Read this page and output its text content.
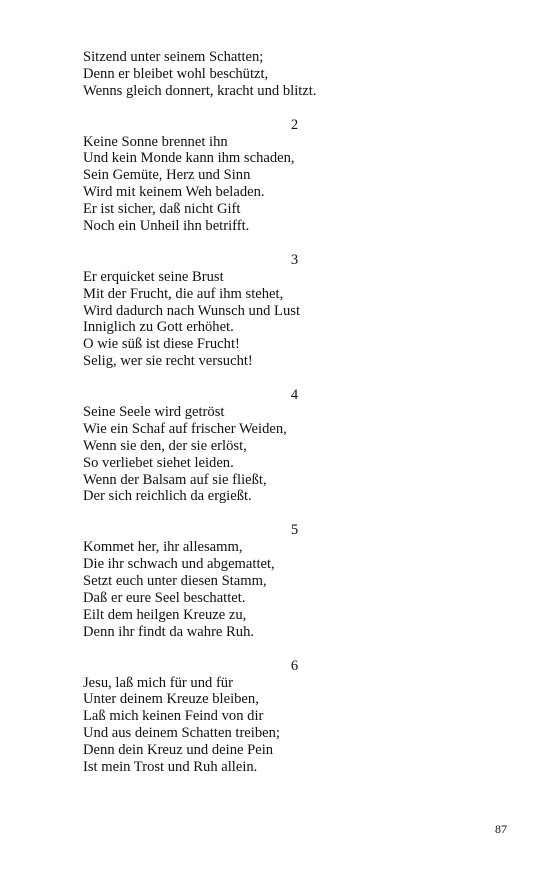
Sitzend unter seinem Schatten;
Denn er bleibet wohl beschützt,
Wenns gleich donnert, kracht und blitzt.
2
Keine Sonne brennet ihn
Und kein Monde kann ihm schaden,
Sein Gemüte, Herz und Sinn
Wird mit keinem Weh beladen.
Er ist sicher, daß nicht Gift
Noch ein Unheil ihn betrifft.
3
Er erquicket seine Brust
Mit der Frucht, die auf ihm stehet,
Wird dadurch nach Wunsch und Lust
Inniglich zu Gott erhöhet.
O wie süß ist diese Frucht!
Selig, wer sie recht versucht!
4
Seine Seele wird getröst
Wie ein Schaf auf frischer Weiden,
Wenn sie den, der sie erlöst,
So verliebet siehet leiden.
Wenn der Balsam auf sie fließt,
Der sich reichlich da ergießt.
5
Kommet her, ihr allesamm,
Die ihr schwach und abgemattet,
Setzt euch unter diesen Stamm,
Daß er eure Seel beschattet.
Eilt dem heilgen Kreuze zu,
Denn ihr findt da wahre Ruh.
6
Jesu, laß mich für und für
Unter deinem Kreuze bleiben,
Laß mich keinen Feind von dir
Und aus deinem Schatten treiben;
Denn dein Kreuz und deine Pein
Ist mein Trost und Ruh allein.
87
